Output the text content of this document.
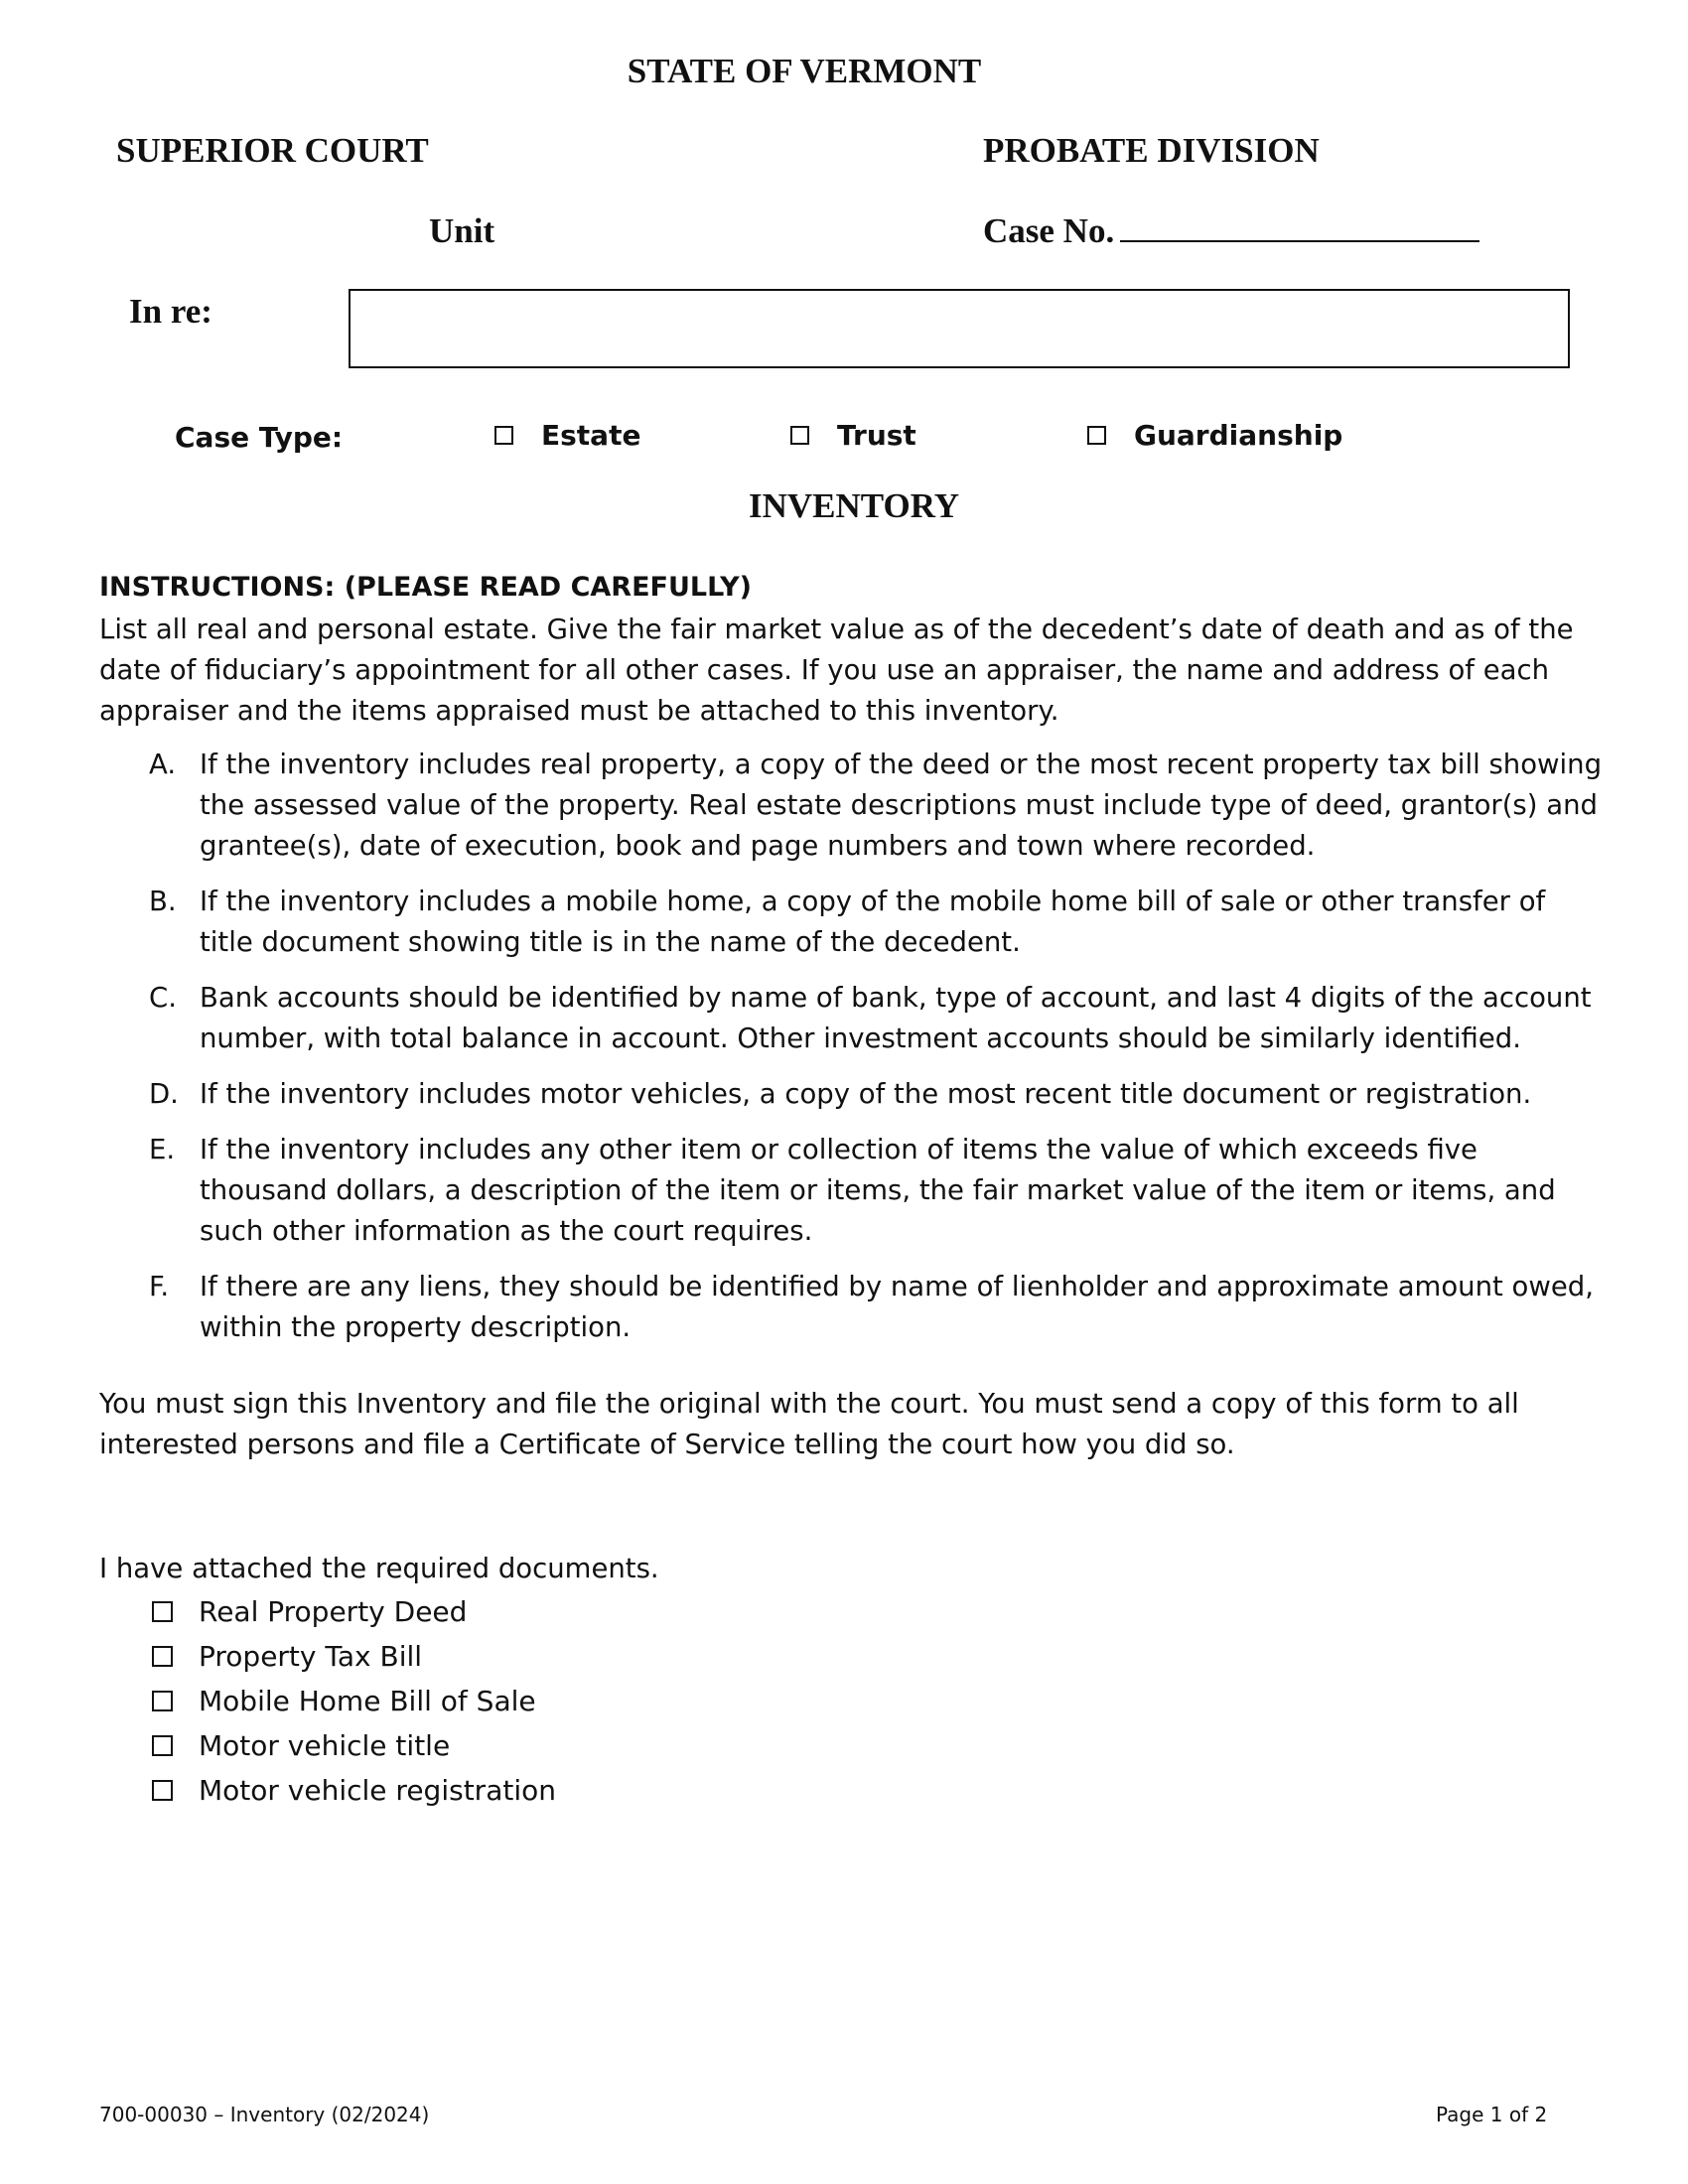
STATE OF VERMONT
SUPERIOR COURT	PROBATE DIVISION
Unit	Case No.
In re:
Case Type:	Estate	Trust	Guardianship
INVENTORY
INSTRUCTIONS: (PLEASE READ CAREFULLY)
List all real and personal estate. Give the fair market value as of the decedent’s date of death and as of the date of fiduciary’s appointment for all other cases. If you use an appraiser, the name and address of each appraiser and the items appraised must be attached to this inventory.
A. If the inventory includes real property, a copy of the deed or the most recent property tax bill showing the assessed value of the property. Real estate descriptions must include type of deed, grantor(s) and grantee(s), date of execution, book and page numbers and town where recorded.
B. If the inventory includes a mobile home, a copy of the mobile home bill of sale or other transfer of title document showing title is in the name of the decedent.
C. Bank accounts should be identified by name of bank, type of account, and last 4 digits of the account number, with total balance in account. Other investment accounts should be similarly identified.
D. If the inventory includes motor vehicles, a copy of the most recent title document or registration.
E. If the inventory includes any other item or collection of items the value of which exceeds five thousand dollars, a description of the item or items, the fair market value of the item or items, and such other information as the court requires.
F. If there are any liens, they should be identified by name of lienholder and approximate amount owed, within the property description.
You must sign this Inventory and file the original with the court. You must send a copy of this form to all interested persons and file a Certificate of Service telling the court how you did so.
I have attached the required documents.
Real Property Deed
Property Tax Bill
Mobile Home Bill of Sale
Motor vehicle title
Motor vehicle registration
700-00030 – Inventory (02/2024)	Page 1 of 2
